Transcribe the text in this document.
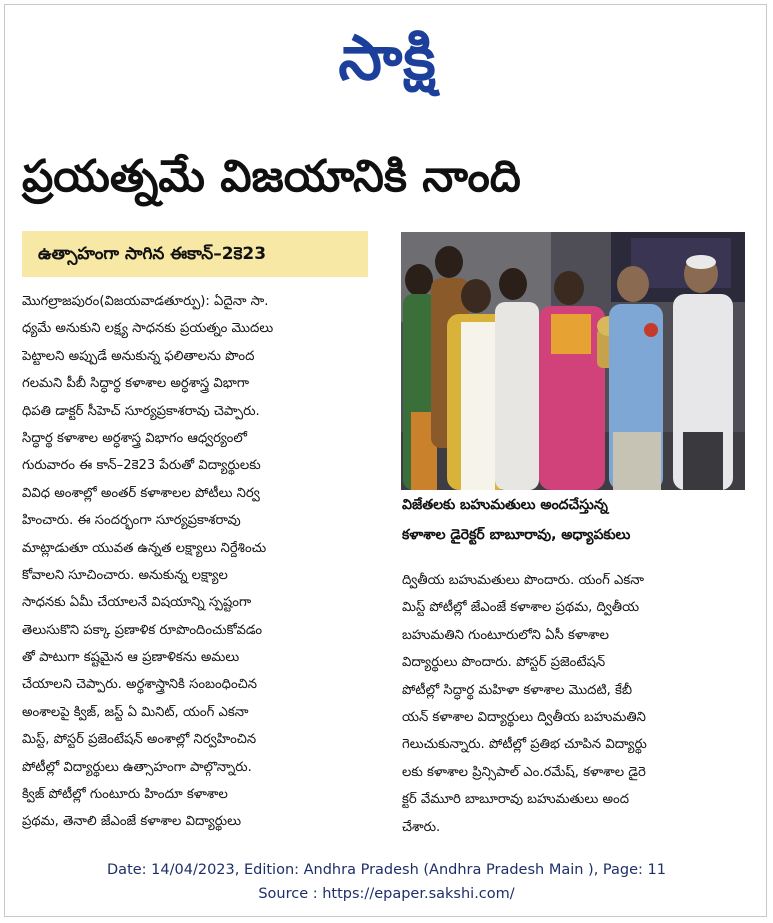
సాక్షి
ప్రయత్నమే విజయానికి నాంది
ఉత్సాహంగా సాగిన ఈకాన్–2కె23
మొగల్రాజపురం(విజయవాడతూర్పు): ఏదైనా సా.
ధ్యమే అనుకుని లక్ష్య సాధనకు ప్రయత్నం మొదలు
పెట్టాలని అప్పుడే అనుకున్న ఫలితాలను పొంద
గలమని పీబీ సిద్ధార్థ కళాశాల అర్ధశాస్త్ర విభాగా
ధిపతి డాక్టర్ సీహెచ్ సూర్యప్రకాశరావు చెప్పారు.
సిద్ధార్థ కళాశాల అర్ధశాస్త్ర విభాగం ఆధ్వర్యంలో
గురువారం ఈ కాన్–2కె23 పేరుతో విద్యార్థులకు
వివిధ అంశాల్లో అంతర్ కళాశాలల పోటీలు నిర్వ
హించారు. ఈ సందర్భంగా సూర్యప్రకాశరావు
మాట్లాడుతూ యువత ఉన్నత లక్ష్యాలు నిర్దేశించు
కోవాలని సూచించారు. అనుకున్న లక్ష్యాల
సాధనకు ఏమీ చేయాలనే విషయాన్ని స్పష్టంగా
తెలుసుకొని పక్కా ప్రణాళిక రూపొందించుకోవడం
తో పాటుగా కష్టమైన ఆ ప్రణాళికను అమలు
చేయాలని చెప్పారు. అర్థశాస్త్రానికి సంబంధించిన
అంశాలపై క్విజ్, జస్ట్ ఏ మినిట్, యంగ్ ఎకనా
మిస్ట్, పోస్టర్ ప్రజెంటేషన్ అంశాల్లో నిర్వహించిన
పోటీల్లో విద్యార్థులు ఉత్సాహంగా పాల్గొన్నారు.
క్విజ్ పోటీల్లో గుంటూరు హిందూ కళాశాల
ప్రథమ, తెనాలి జేఎంజే కళాశాల విద్యార్థులు
విజేతలకు బహుమతులు అందచేస్తున్న
కళాశాల డైరెక్టర్ బాబూరావు, అధ్యాపకులు
ద్వితీయ బహుమతులు పొందారు. యంగ్ ఎకనా
మిస్ట్ పోటీల్లో జేఎంజే కళాశాల ప్రథమ, ద్వితీయ
బహుమతిని గుంటూరులోని ఏసీ కళాశాల
విద్యార్థులు పొందారు. పోస్టర్ ప్రజెంటేషన్
పోటీల్లో సిద్ధార్థ మహిళా కళాశాల మొదటి, కేబీ
యన్ కళాశాల విద్యార్థులు ద్వితీయ బహుమతిని
గెలుచుకున్నారు. పోటీల్లో ప్రతిభ చూపిన విద్యార్థు
లకు కళాశాల ప్రిన్సిపాల్ ఎం.రమేష్, కళాశాల డైరె
క్టర్ వేమూరి బాబూరావు బహుమతులు అంద
చేశారు.
Date: 14/04/2023, Edition: Andhra Pradesh (Andhra Pradesh Main ), Page: 11
Source : https://epaper.sakshi.com/
